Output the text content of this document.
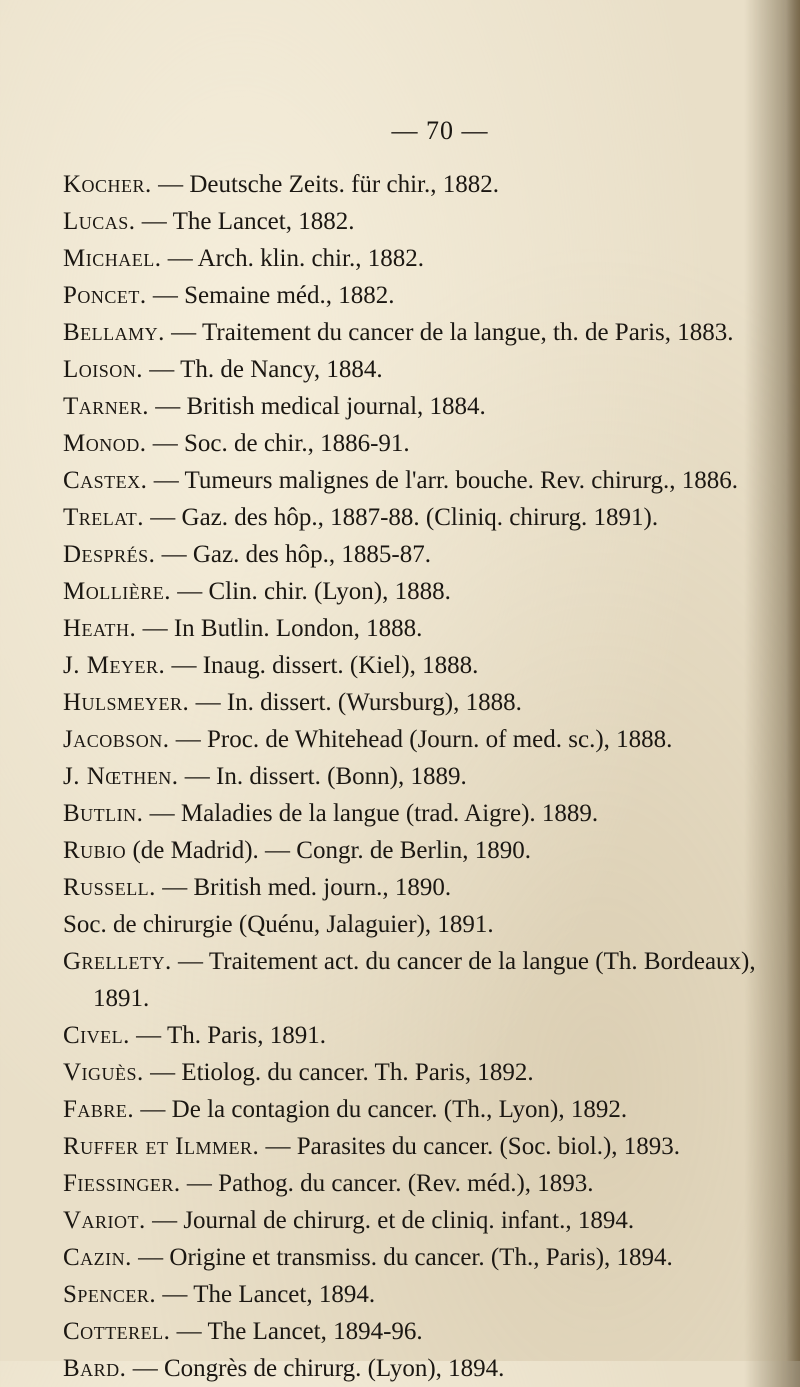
— 70 —
Kocher. — Deutsche Zeits. für chir., 1882.
Lucas. — The Lancet, 1882.
Michael. — Arch. klin. chir., 1882.
Poncet. — Semaine méd., 1882.
Bellamy. — Traitement du cancer de la langue, th. de Paris, 1883.
Loison. — Th. de Nancy, 1884.
Tarner. — British medical journal, 1884.
Monod. — Soc. de chir., 1886-91.
Castex. — Tumeurs malignes de l'arr. bouche. Rev. chirurg., 1886.
Trelat. — Gaz. des hôp., 1887-88. (Cliniq. chirurg. 1891).
Després. — Gaz. des hôp., 1885-87.
Mollière. — Clin. chir. (Lyon), 1888.
Heath. — In Butlin. London, 1888.
J. Meyer. — Inaug. dissert. (Kiel), 1888.
Hulsmeyer. — In. dissert. (Wursburg), 1888.
Jacobson. — Proc. de Whitehead (Journ. of med. sc.), 1888.
J. Nœthen. — In. dissert. (Bonn), 1889.
Butlin. — Maladies de la langue (trad. Aigre). 1889.
Rubio (de Madrid). — Congr. de Berlin, 1890.
Russell. — British med. journ., 1890.
Soc. de chirurgie (Quénu, Jalaguier), 1891.
Grellety. — Traitement act. du cancer de la langue (Th. Bordeaux), 1891.
Civel. — Th. Paris, 1891.
Viguès. — Etiolog. du cancer. Th. Paris, 1892.
Fabre. — De la contagion du cancer. (Th., Lyon), 1892.
Ruffer et Ilmmer. — Parasites du cancer. (Soc. biol.), 1893.
Fiessinger. — Pathog. du cancer. (Rev. méd.), 1893.
Variot. — Journal de chirurg. et de cliniq. infant., 1894.
Cazin. — Origine et transmiss. du cancer. (Th., Paris), 1894.
Spencer. — The Lancet, 1894.
Cotterel. — The Lancet, 1894-96.
Bard. — Congrès de chirurg. (Lyon), 1894.
